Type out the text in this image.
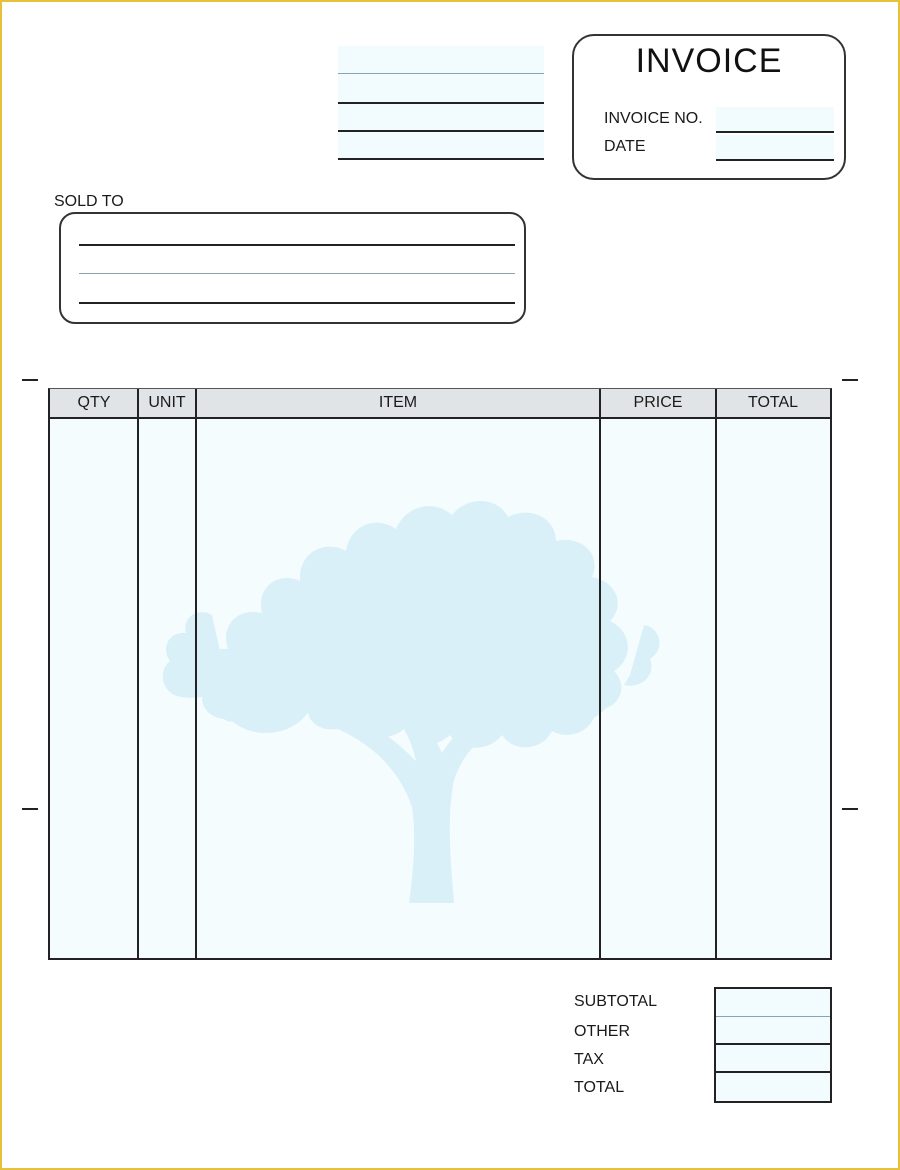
INVOICE
INVOICE NO.
DATE
SOLD TO
QTY	UNIT	ITEM	PRICE	TOTAL
SUBTOTAL
OTHER
TAX
TOTAL
